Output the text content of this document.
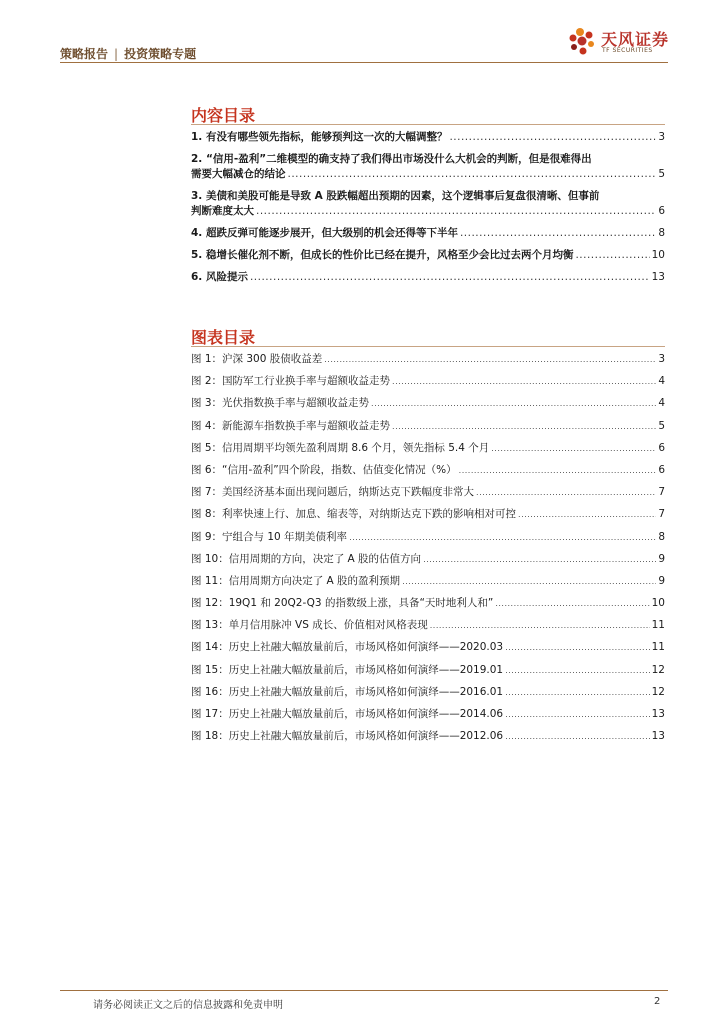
策略报告 | 投资策略专题
天风证券
TF SECURITIES
内容目录
1. 有没有哪些领先指标，能够预判这一次的大幅调整？ .....	3
2. “信用-盈利”二维模型的确支持了我们得出市场没什么大机会的判断，但是很难得出
需要大幅减仓的结论 .....	5
3. 美债和美股可能是导致 A 股跌幅超出预期的因素，这个逻辑事后复盘很清晰、但事前
判断难度太大 .....	6
4. 超跌反弹可能逐步展开，但大级别的机会还得等下半年 .....	8
5. 稳增长催化剂不断，但成长的性价比已经在提升，风格至少会比过去两个月均衡 .....	10
6. 风险提示 .....	13
图表目录
图 1：沪深 300 股债收益差 .....	3
图 2：国防军工行业换手率与超额收益走势 .....	4
图 3：光伏指数换手率与超额收益走势 .....	4
图 4：新能源车指数换手率与超额收益走势 .....	5
图 5：信用周期平均领先盈利周期 8.6 个月，领先指标 5.4 个月 .....	6
图 6：“信用-盈利”四个阶段，指数、估值变化情况（%） .....	6
图 7：美国经济基本面出现问题后，纳斯达克下跌幅度非常大 .....	7
图 8：利率快速上行、加息、缩表等，对纳斯达克下跌的影响相对可控 .....	7
图 9：宁组合与 10 年期美债利率 .....	8
图 10：信用周期的方向，决定了 A 股的估值方向 .....	9
图 11：信用周期方向决定了 A 股的盈利预期 .....	9
图 12：19Q1 和 20Q2-Q3 的指数级上涨，具备“天时地利人和” .....	10
图 13：单月信用脉冲 VS 成长、价值相对风格表现 .....	11
图 14：历史上社融大幅放量前后，市场风格如何演绎——2020.03 .....	11
图 15：历史上社融大幅放量前后，市场风格如何演绎——2019.01 .....	12
图 16：历史上社融大幅放量前后，市场风格如何演绎——2016.01 .....	12
图 17：历史上社融大幅放量前后，市场风格如何演绎——2014.06 .....	13
图 18：历史上社融大幅放量前后，市场风格如何演绎——2012.06 .....	13
请务必阅读正文之后的信息披露和免责申明	2
